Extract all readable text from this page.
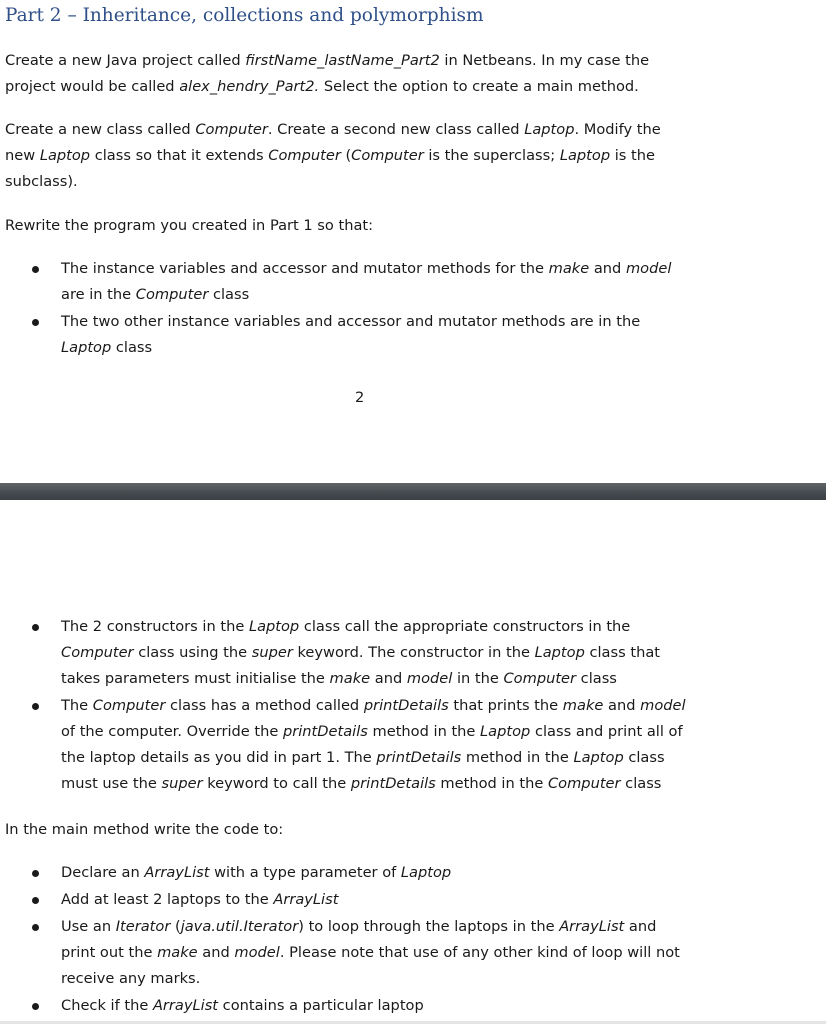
Part 2 – Inheritance, collections and polymorphism

Create a new Java project called firstName_lastName_Part2 in Netbeans. In my case the
project would be called alex_hendry_Part2. Select the option to create a main method.

Create a new class called Computer. Create a second new class called Laptop. Modify the
new Laptop class so that it extends Computer (Computer is the superclass; Laptop is the
subclass).

Rewrite the program you created in Part 1 so that:

The instance variables and accessor and mutator methods for the make and model
are in the Computer class
The two other instance variables and accessor and mutator methods are in the
Laptop class
2
The 2 constructors in the Laptop class call the appropriate constructors in the
Computer class using the super keyword. The constructor in the Laptop class that
takes parameters must initialise the make and model in the Computer class
The Computer class has a method called printDetails that prints the make and model
of the computer. Override the printDetails method in the Laptop class and print all of
the laptop details as you did in part 1. The printDetails method in the Laptop class
must use the super keyword to call the printDetails method in the Computer class

In the main method write the code to:

Declare an ArrayList with a type parameter of Laptop
Add at least 2 laptops to the ArrayList
Use an Iterator (java.util.Iterator) to loop through the laptops in the ArrayList and
print out the make and model. Please note that use of any other kind of loop will not
receive any marks.
Check if the ArrayList contains a particular laptop
